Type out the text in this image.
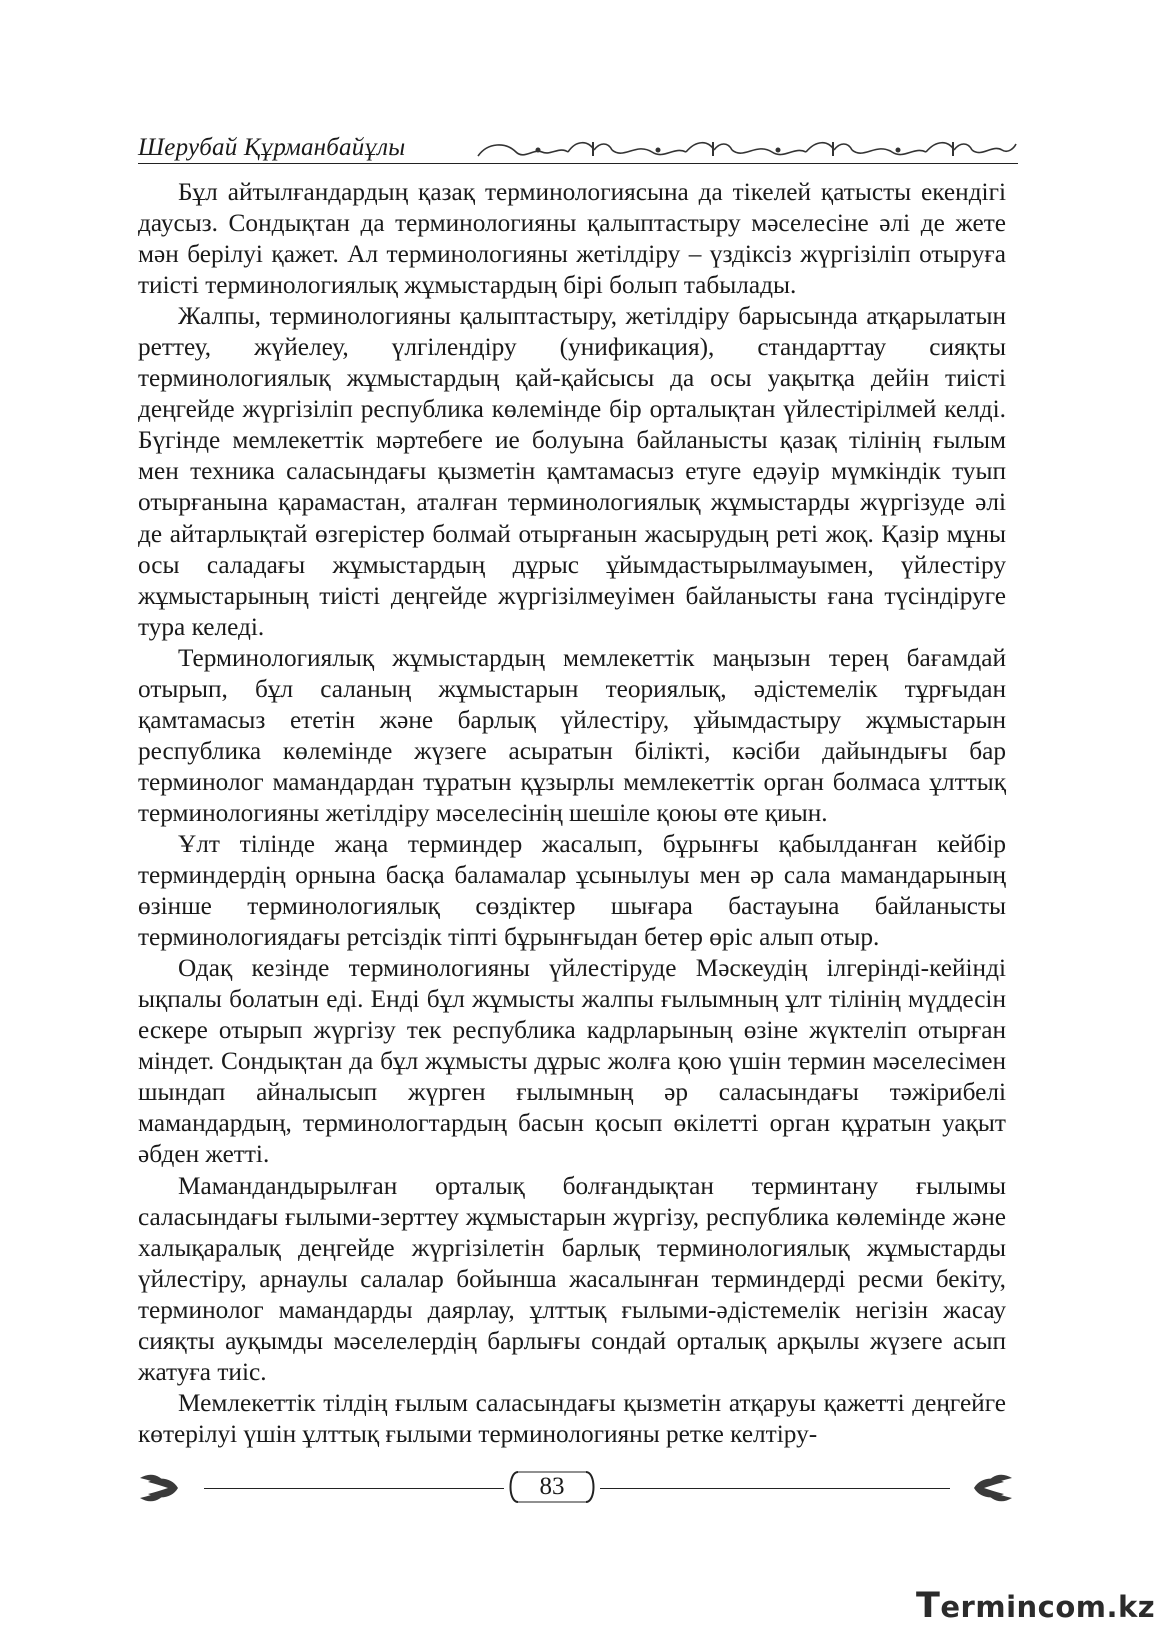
Шерубай Құрманбайұлы

Бұл айтылғандардың қазақ терминологиясына да тікелей қатысты екендігі даусыз. Сондықтан да терминологияны қалыптастыру мәселесіне әлі де жете мән берілуі қажет. Ал терминологияны жетілдіру – үздіксіз жүргізіліп отыруға тиісті терминологиялық жұмыстардың бірі болып табылады.

Жалпы, терминологияны қалыптастыру, жетілдіру барысында атқарылатын реттеу, жүйелеу, үлгілендіру (унификация), стандарттау сияқты терминологиялық жұмыстардың қай-қайсысы да осы уақытқа дейін тиісті деңгейде жүргізіліп республика көлемінде бір орталықтан үйлестірілмей келді. Бүгінде мемлекеттік мәртебеге ие болуына байланысты қазақ тілінің ғылым мен техника саласындағы қызметін қамтамасыз етуге едәуір мүмкіндік туып отырғанына қарамастан, аталған терминологиялық жұмыстарды жүргізуде әлі де айтарлықтай өзгерістер болмай отырғанын жасырудың реті жоқ. Қазір мұны осы саладағы жұмыстардың дұрыс ұйымдастырылмауымен, үйлестіру жұмыстарының тиісті деңгейде жүргізілмеуімен байланысты ғана түсіндіруге тура келеді.

Терминологиялық жұмыстардың мемлекеттік маңызын терең бағамдай отырып, бұл саланың жұмыстарын теориялық, әдістемелік тұрғыдан қамтамасыз ететін және барлық үйлестіру, ұйымдастыру жұмыстарын республика көлемінде жүзеге асыратын білікті, кәсіби дайындығы бар терминолог мамандардан тұратын құзырлы мемлекеттік орган болмаса ұлттық терминологияны жетілдіру мәселесінің шешіле қоюы өте қиын.

Ұлт тілінде жаңа терминдер жасалып, бұрынғы қабылданған кейбір терминдердің орнына басқа баламалар ұсынылуы мен әр сала мамандарының өзінше терминологиялық сөздіктер шығара бастауына байланысты терминологиядағы ретсіздік тіпті бұрынғыдан бетер өріс алып отыр.

Одақ кезінде терминологияны үйлестіруде Мәскеудің ілгерінді-кейінді ықпалы болатын еді. Енді бұл жұмысты жалпы ғылымның ұлт тілінің мүддесін ескере отырып жүргізу тек республика кадрларының өзіне жүктеліп отырған міндет. Сондықтан да бұл жұмысты дұрыс жолға қою үшін термин мәселесімен шындап айналысып жүрген ғылымның әр саласындағы тәжірибелі мамандардың, терминологтардың басын қосып өкілетті орган құратын уақыт әбден жетті.

Мамандандырылған орталық болғандықтан терминтану ғылымы саласындағы ғылыми-зерттеу жұмыстарын жүргізу, республика көлемінде және халықаралық деңгейде жүргізілетін барлық терминологиялық жұмыстарды үйлестіру, арнаулы салалар бойынша жасалынған терминдерді ресми бекіту, терминолог мамандарды даярлау, ұлттық ғылыми-әдістемелік негізін жасау сияқты ауқымды мәселелердің барлығы сондай орталық арқылы жүзеге асып жатуға тиіс.

Мемлекеттік тілдің ғылым саласындағы қызметін атқаруы қажетті деңгейге көтерілуі үшін ұлттық ғылыми терминологияны ретке келтіру-

83
Termincom.kz
